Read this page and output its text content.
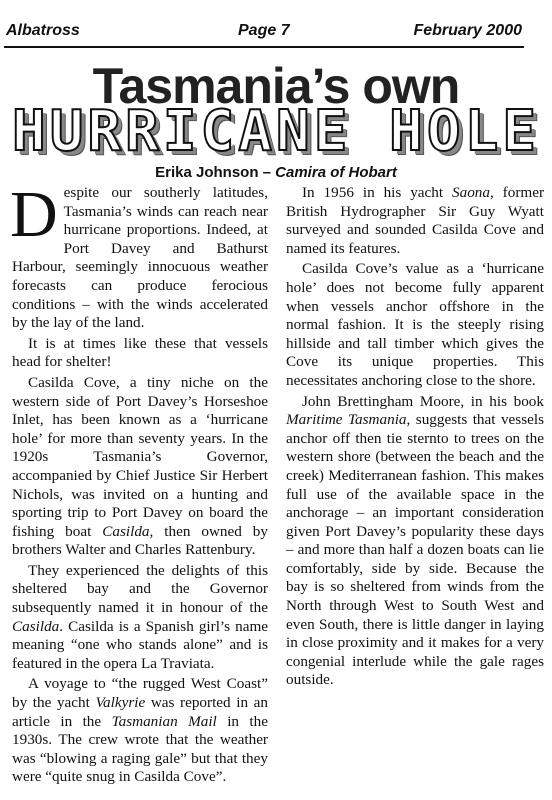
Albatross	Page 7	February 2000
Tasmania’s own
HURRICANE HOLE
Erika Johnson – Camira of Hobart

Despite our southerly latitudes, Tasmania’s winds can reach near hurricane proportions. Indeed, at Port Davey and Bathurst Harbour, seemingly innocuous weather forecasts can produce ferocious conditions – with the winds accelerated by the lay of the land.

It is at times like these that vessels head for shelter!

Casilda Cove, a tiny niche on the western side of Port Davey’s Horseshoe Inlet, has been known as a ‘hurricane hole’ for more than seventy years. In the 1920s Tasmania’s Governor, accompanied by Chief Justice Sir Herbert Nichols, was invited on a hunting and sporting trip to Port Davey on board the fishing boat Casilda, then owned by brothers Walter and Charles Rattenbury.

They experienced the delights of this sheltered bay and the Governor subsequently named it in honour of the Casilda. Casilda is a Spanish girl’s name meaning “one who stands alone” and is featured in the opera La Traviata.

A voyage to “the rugged West Coast” by the yacht Valkyrie was reported in an article in the Tasmanian Mail in the 1930s. The crew wrote that the weather was “blowing a raging gale” but that they were “quite snug in Casilda Cove”.

In 1956 in his yacht Saona, former British Hydrographer Sir Guy Wyatt surveyed and sounded Casilda Cove and named its features.

Casilda Cove’s value as a ‘hurricane hole’ does not become fully apparent when vessels anchor offshore in the normal fashion. It is the steeply rising hillside and tall timber which gives the Cove its unique properties. This necessitates anchoring close to the shore.

John Brettingham Moore, in his book Maritime Tasmania, suggests that vessels anchor off then tie sternto to trees on the western shore (between the beach and the creek) Mediterranean fashion. This makes full use of the available space in the anchorage – an important consideration given Port Davey’s popularity these days – and more than half a dozen boats can lie comfortably, side by side. Because the bay is so sheltered from winds from the North through West to South West and even South, there is little danger in laying in close proximity and it makes for a very congenial interlude while the gale rages outside.
